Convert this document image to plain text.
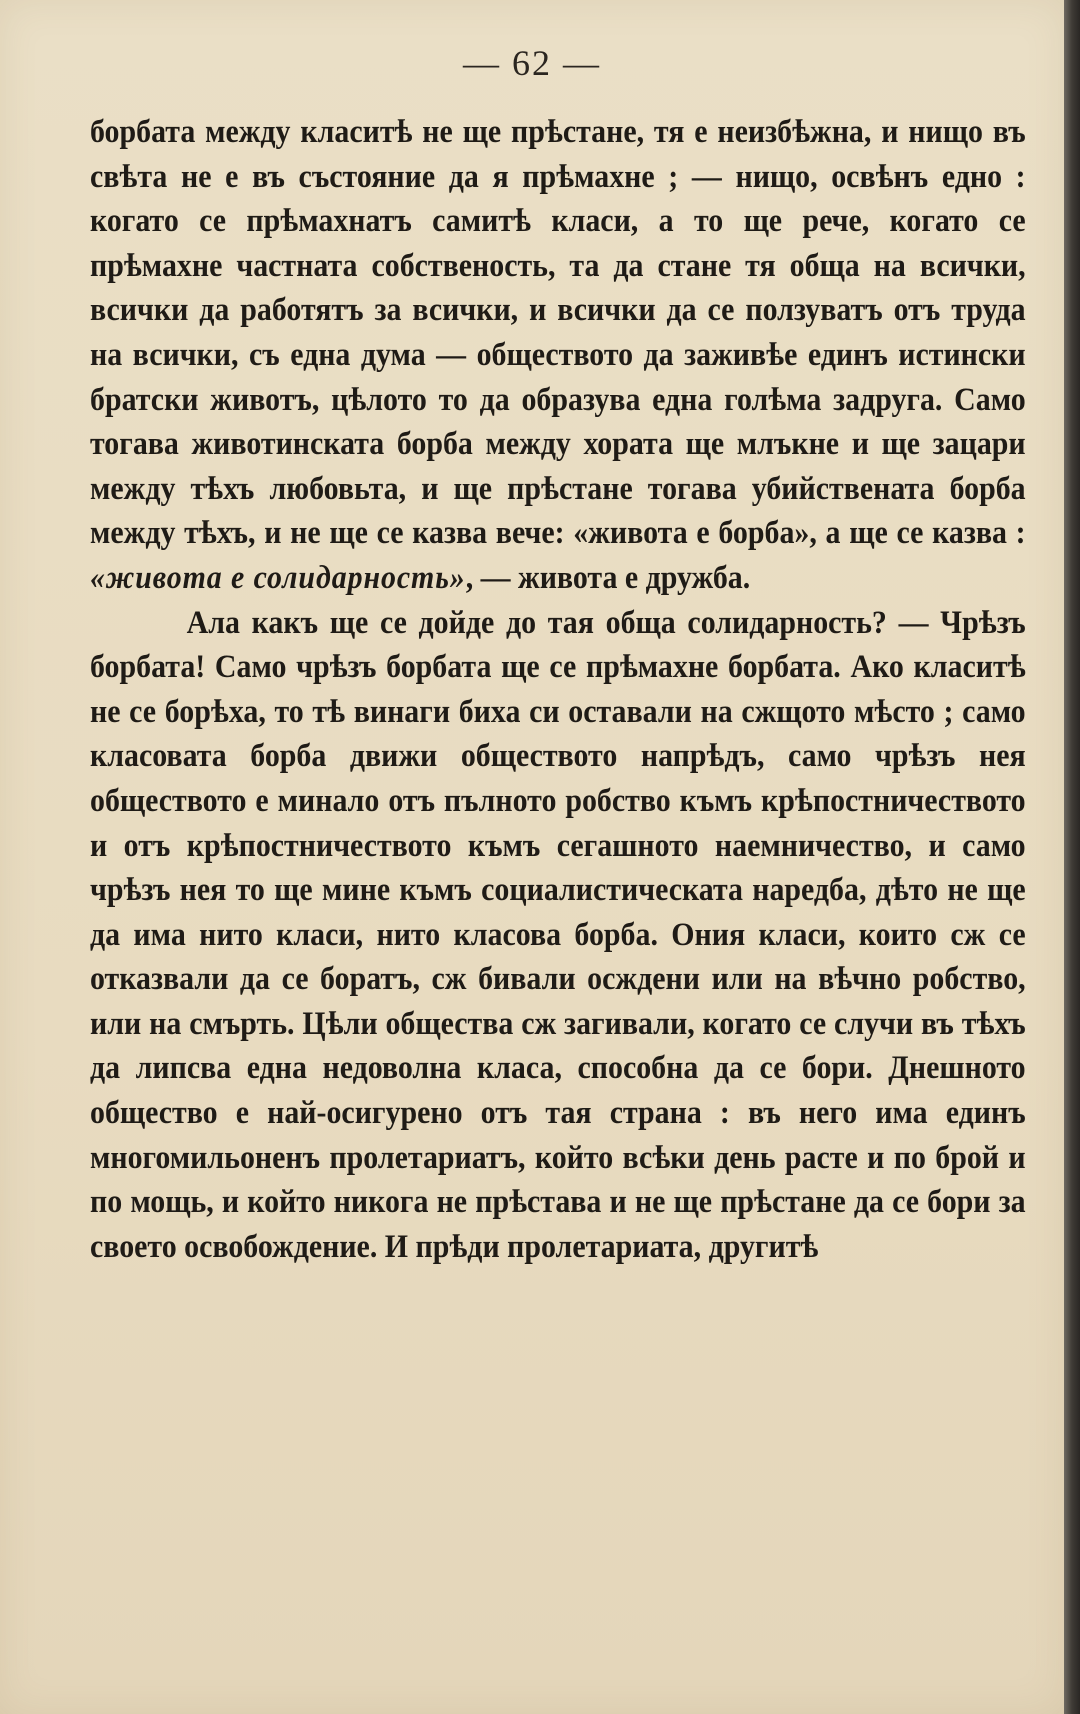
— 62 —

борбата между класитѣ не ще прѣстане, тя е неизбѣжна, и нищо въ свѣта не е въ състояние да я прѣмахне ; — нищо, освѣнъ едно : когато се прѣмахнатъ самитѣ класи, а то ще рече, когато се прѣмахне частната собственость, та да стане тя обща на всички, всички да работятъ за всички, и всички да се ползуватъ отъ труда на всички, съ една дума — обществото да заживѣе единъ истински братски животъ, цѣлото то да образува една голѣма задруга. Само тогава животинската борба между хората ще млъкне и ще зацари между тѣхъ любовьта, и ще прѣстане тогава убийствената борба между тѣхъ, и не ще се казва вече: «живота е борба», а ще се казва : «живота е солидарность», — живота е дружба.

Ала какъ ще се дойде до тая обща солидарность? — Чрѣзъ борбата! Само чрѣзъ борбата ще се прѣмахне борбата. Ако класитѣ не се борѣха, то тѣ винаги биха си оставали на сжщото мѣсто ; само класовата борба движи обществото напрѣдъ, само чрѣзъ нея обществото е минало отъ пълното робство къмъ крѣпостничеството и отъ крѣпостничеството къмъ сегашното наемничество, и само чрѣзъ нея то ще мине къмъ социалистическата наредба, дѣто не ще да има нито класи, нито класова борба. Ония класи, които сж се отказвали да се боратъ, сж бивали осждени или на вѣчно робство, или на смърть. Цѣли общества сж загивали, когато се случи въ тѣхъ да липсва една недоволна класа, способна да се бори. Днешното общество е най-осигурено отъ тая страна : въ него има единъ многомильоненъ пролетариатъ, който всѣки день расте и по брой и по мощь, и който никога не прѣстава и не ще прѣстане да се бори за своето освобождение. И прѣди пролетариата, другитѣ
